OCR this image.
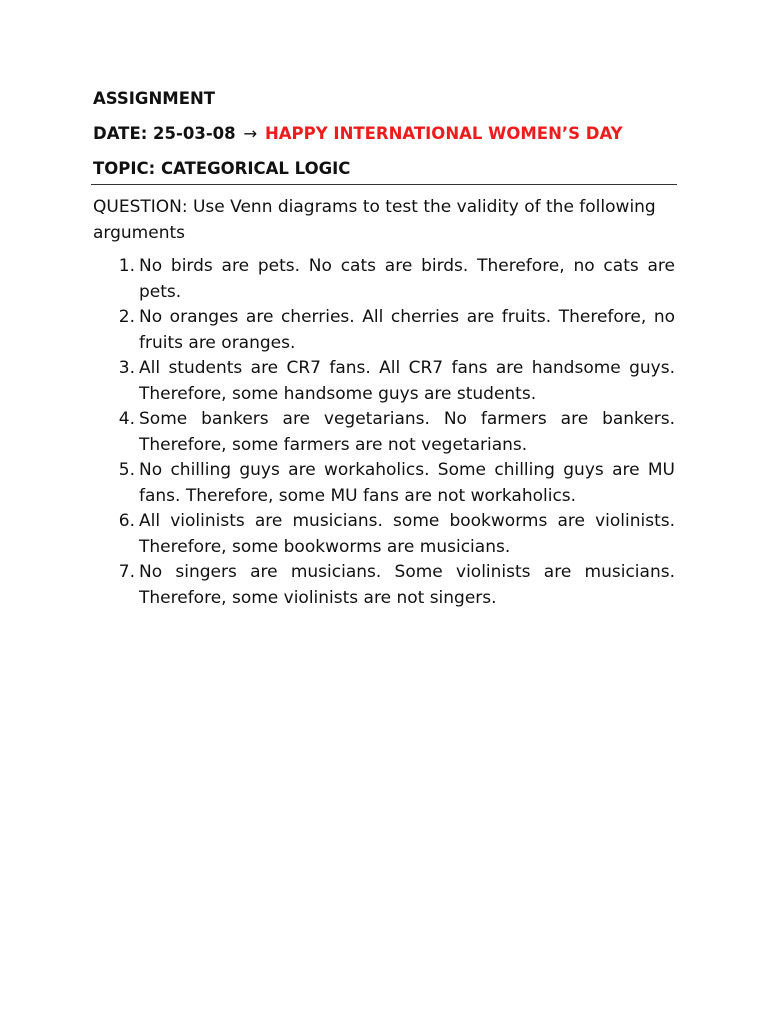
ASSIGNMENT
DATE: 25-03-08 → HAPPY INTERNATIONAL WOMEN’S DAY
TOPIC: CATEGORICAL LOGIC

QUESTION: Use Venn diagrams to test the validity of the following arguments

1. No birds are pets. No cats are birds. Therefore, no cats are pets.
2. No oranges are cherries. All cherries are fruits. Therefore, no fruits are oranges.
3. All students are CR7 fans. All CR7 fans are handsome guys. Therefore, some handsome guys are students.
4. Some bankers are vegetarians. No farmers are bankers. Therefore, some farmers are not vegetarians.
5. No chilling guys are workaholics. Some chilling guys are MU fans. Therefore, some MU fans are not workaholics.
6. All violinists are musicians. some bookworms are violinists. Therefore, some bookworms are musicians.
7. No singers are musicians. Some violinists are musicians. Therefore, some violinists are not singers.
